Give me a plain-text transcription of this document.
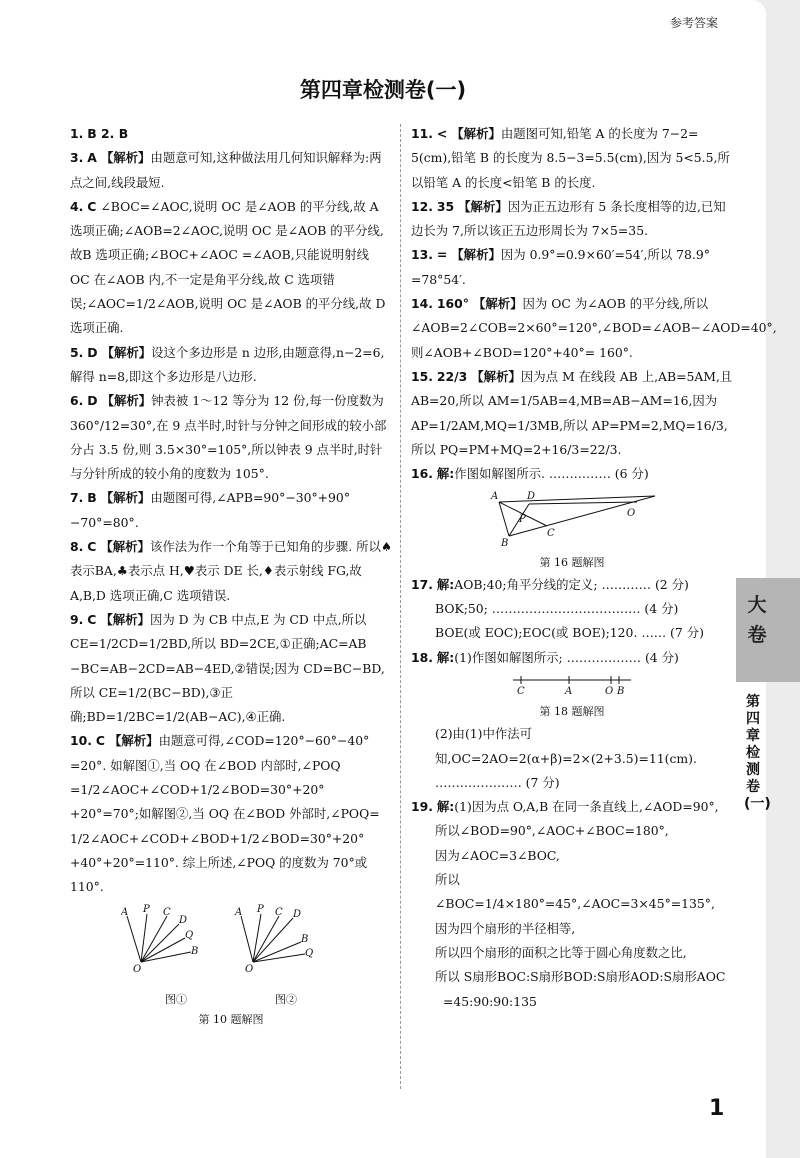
参考答案
第四章检测卷(一)

1. B 2. B

3. A 【解析】由题意可知,这种做法用几何知识解释为:两点之间,线段最短.

4. C ∠BOC=∠AOC,说明 OC 是∠AOB 的平分线,故 A 选项正确;∠AOB=2∠AOC,说明 OC 是∠AOB 的平分线,故B 选项正确;∠BOC+∠AOC =∠AOB,只能说明射线 OC 在∠AOB 内,不一定是角平分线,故 C 选项错误;∠AOC=1/2∠AOB,说明 OC 是∠AOB 的平分线,故 D 选项正确.

5. D 【解析】设这个多边形是 n 边形,由题意得,n−2=6,解得 n=8,即这个多边形是八边形.

6. D 【解析】钟表被 1～12 等分为 12 份,每一份度数为360°/12=30°,在 9 点半时,时针与分钟之间形成的较小部分占 3.5 份,则 3.5×30°=105°,所以钟表 9 点半时,时针与分针所成的较小角的度数为 105°.

7. B 【解析】由题图可得,∠APB=90°−30°+90°−70°=80°.

8. C 【解析】该作法为作一个角等于已知角的步骤. 所以♠表示BA,♣表示点 H,♥表示 DE 长,♦表示射线 FG,故A,B,D 选项正确,C 选项错误.

9. C 【解析】因为 D 为 CB 中点,E 为 CD 中点,所以 CE=1/2CD=1/2BD,所以 BD=2CE,①正确;AC=AB −BC=AB−2CD=AB−4ED,②错误;因为 CD=BC−BD,所以 CE=1/2(BC−BD),③正确;BD=1/2BC=1/2(AB−AC),④正确.

10. C 【解析】由题意可得,∠COD=120°−60°−40° =20°. 如解图①,当 OQ 在∠BOD 内部时,∠POQ =1/2∠AOC+∠COD+1/2∠BOD=30°+20°+20°=70°;如解图②,当 OQ 在∠BOD 外部时,∠POQ= 1/2∠AOC+∠COD+∠BOD+1/2∠BOD=30°+20°+40°+20°=110°. 综上所述,∠POQ 的度数为 70°或 110°.

A P C
D
Q
B
O
A P C D
B
Q
O
图①	图②
第 10 题解图

11. < 【解析】由题图可知,铅笔 A 的长度为 7−2= 5(cm),铅笔 B 的长度为 8.5−3=5.5(cm),因为 5<5.5,所以铅笔 A 的长度<铅笔 B 的长度.

12. 35 【解析】因为正五边形有 5 条长度相等的边,已知边长为 7,所以该正五边形周长为 7×5=35.

13. = 【解析】因为 0.9°=0.9×60′=54′,所以 78.9° =78°54′.

14. 160° 【解析】因为 OC 为∠AOB 的平分线,所以 ∠AOB=2∠COB=2×60°=120°,∠BOD=∠AOB−∠AOD=40°,则∠AOB+∠BOD=120°+40°= 160°.

15. 22/3 【解析】因为点 M 在线段 AB 上,AB=5AM,且 AB=20,所以 AM=1/5AB=4,MB=AB−AM=16,因为 AP=1/2AM,MQ=1/3MB,所以 AP=PM=2,MQ=16/3,所以 PQ=PM+MQ=2+16/3=22/3.

16. 解:作图如解图所示. …………… (6 分)

A	D
P
C
O
B
第 16 题解图

17. 解:AOB;40;角平分线的定义; ………… (2 分)

BOK;50; ……………………………… (4 分)

BOE(或 EOC);EOC(或 BOE);120. …… (7 分)

18. 解:(1)作图如解图所示; ……………… (4 分)

C	A	O B
第 18 题解图

(2)由(1)中作法可知,OC=2AO=2(α+β)=2×(2+3.5)=11(cm). ………………… (7 分)

19. 解:(1)因为点 O,A,B 在同一条直线上,∠AOD=90°,

所以∠BOD=90°,∠AOC+∠BOC=180°,

因为∠AOC=3∠BOC,

所以∠BOC=1/4×180°=45°,∠AOC=3×45°=135°,

因为四个扇形的半径相等,

所以四个扇形的面积之比等于圆心角度数之比,

所以 S扇形BOC:S扇形BOD:S扇形AOD:S扇形AOC

=45:90:90:135

1
大卷
第四章检测卷(一)
